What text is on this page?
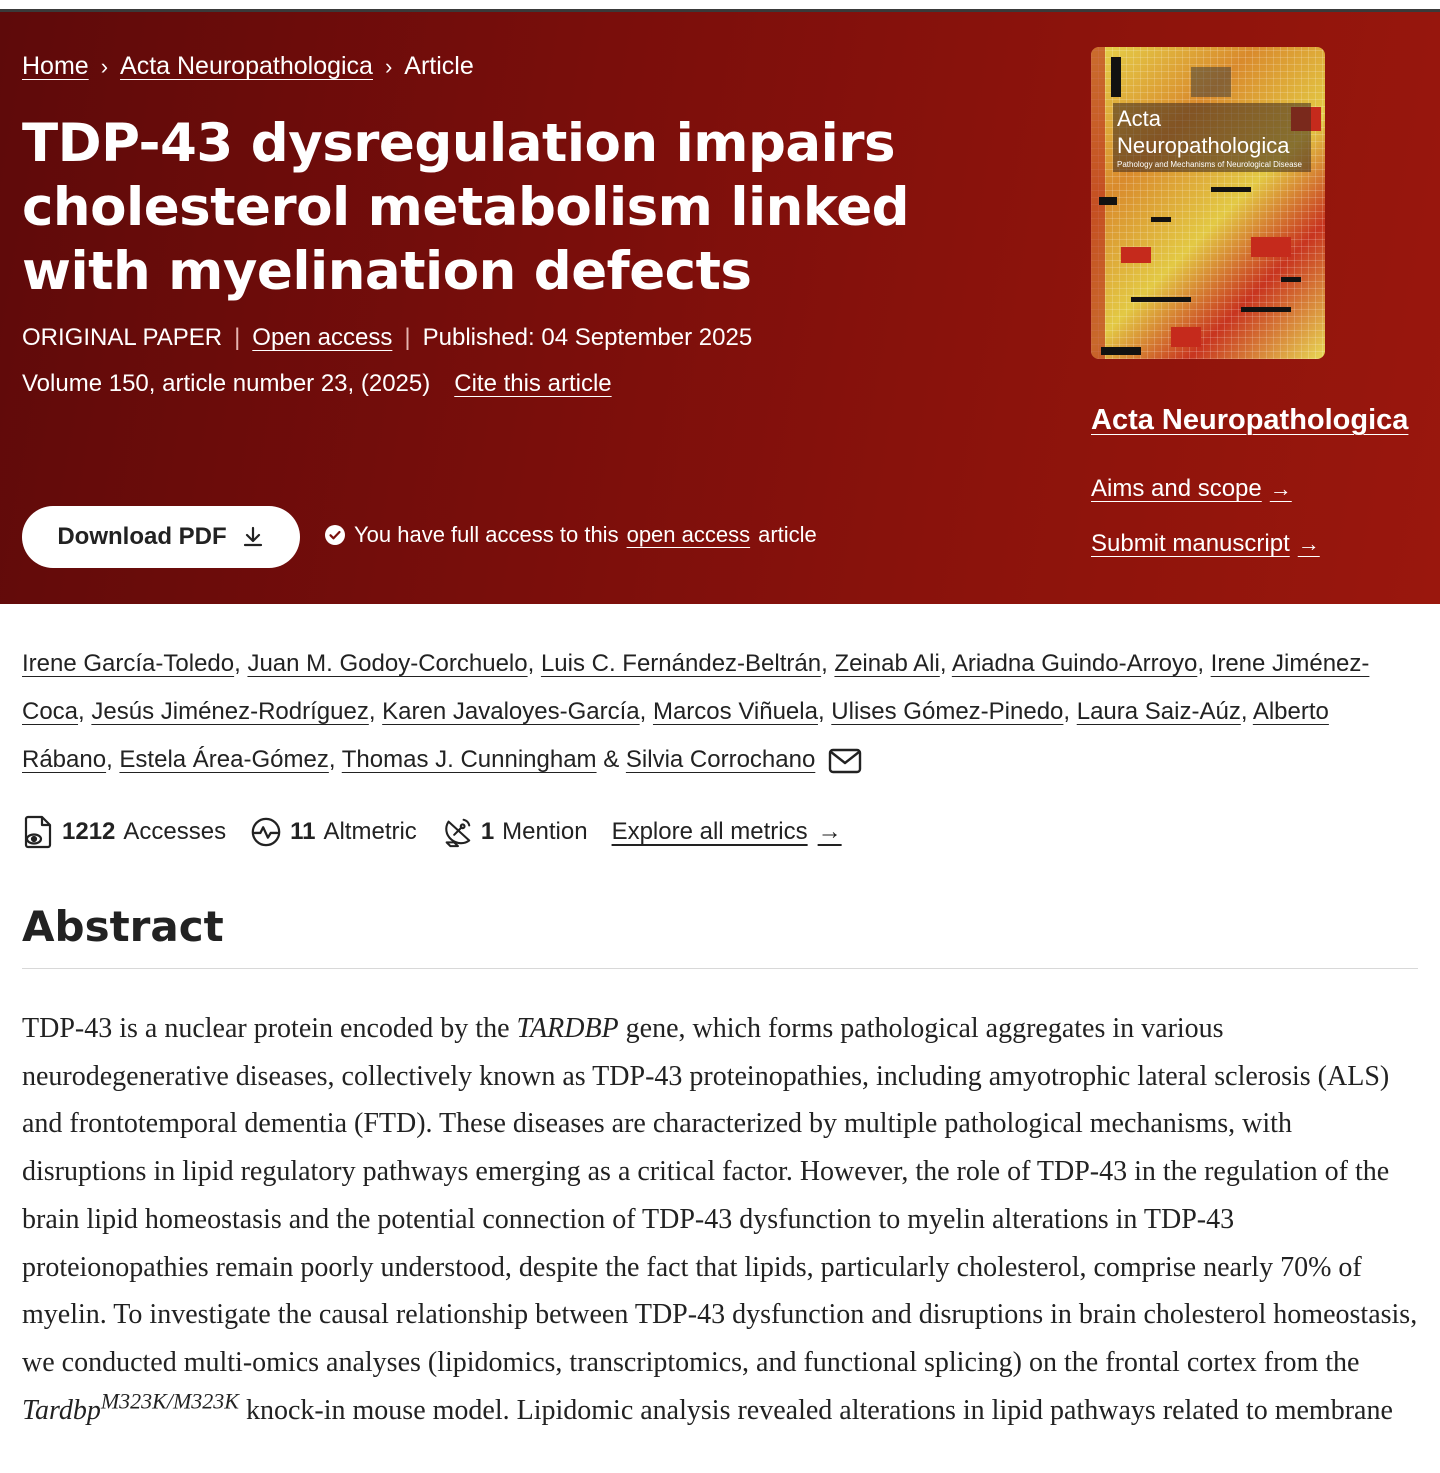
Home › Acta Neuropathologica › Article
TDP-43 dysregulation impairs cholesterol metabolism linked with myelination defects
ORIGINAL PAPER | Open access | Published: 04 September 2025
Volume 150, article number 23, (2025) Cite this article
Download PDF	You have full access to this open access article
Acta
Neuropathologica
Pathology and Mechanisms of Neurological Disease
Acta Neuropathologica
Aims and scope →
Submit manuscript →
Irene García-Toledo, Juan M. Godoy-Corchuelo, Luis C. Fernández-Beltrán, Zeinab Ali, Ariadna Guindo-Arroyo, Irene Jiménez-Coca, Jesús Jiménez-Rodríguez, Karen Javaloyes-García, Marcos Viñuela, Ulises Gómez-Pinedo, Laura Saiz-Aúz, Alberto Rábano, Estela Área-Gómez, Thomas J. Cunningham & Silvia Corrochano
1212 Accesses	11 Altmetric	1 Mention Explore all metrics →
Abstract

TDP-43 is a nuclear protein encoded by the TARDBP gene, which forms pathological aggregates in various neurodegenerative diseases, collectively known as TDP-43 proteinopathies, including amyotrophic lateral sclerosis (ALS) and frontotemporal dementia (FTD). These diseases are characterized by multiple pathological mechanisms, with disruptions in lipid regulatory pathways emerging as a critical factor. However, the role of TDP-43 in the regulation of the brain lipid homeostasis and the potential connection of TDP-43 dysfunction to myelin alterations in TDP-43 proteionopathies remain poorly understood, despite the fact that lipids, particularly cholesterol, comprise nearly 70% of myelin. To investigate the causal relationship between TDP-43 dysfunction and disruptions in brain cholesterol homeostasis, we conducted multi-omics analyses (lipidomics, transcriptomics, and functional splicing) on the frontal cortex from the Tardbp$^{M323K/M323K}$ knock-in mouse model. Lipidomic analysis revealed alterations in lipid pathways related to membrane
